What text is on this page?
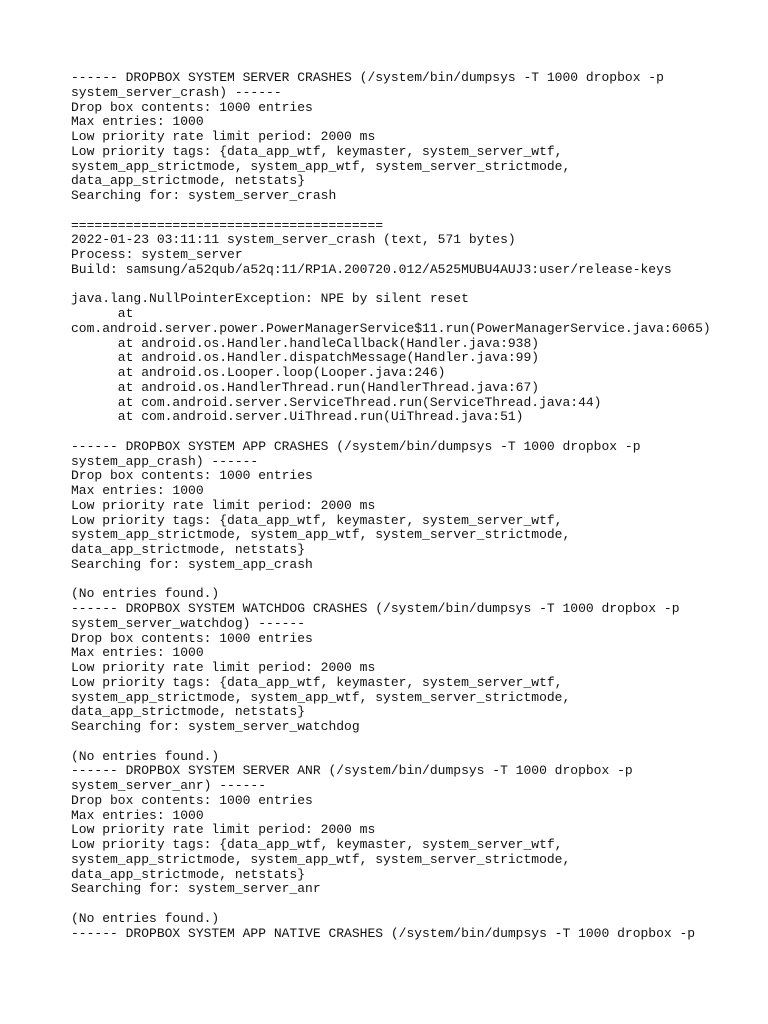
------ DROPBOX SYSTEM SERVER CRASHES (/system/bin/dumpsys -T 1000 dropbox -p
system_server_crash) ------
Drop box contents: 1000 entries
Max entries: 1000
Low priority rate limit period: 2000 ms
Low priority tags: {data_app_wtf, keymaster, system_server_wtf,
system_app_strictmode, system_app_wtf, system_server_strictmode,
data_app_strictmode, netstats}
Searching for: system_server_crash
========================================
2022-01-23 03:11:11 system_server_crash (text, 571 bytes)
Process: system_server
Build: samsung/a52qub/a52q:11/RP1A.200720.012/A525MUBU4AUJ3:user/release-keys
java.lang.NullPointerException: NPE by silent reset
at
com.android.server.power.PowerManagerService$11.run(PowerManagerService.java:6065)
at android.os.Handler.handleCallback(Handler.java:938)
at android.os.Handler.dispatchMessage(Handler.java:99)
at android.os.Looper.loop(Looper.java:246)
at android.os.HandlerThread.run(HandlerThread.java:67)
at com.android.server.ServiceThread.run(ServiceThread.java:44)
at com.android.server.UiThread.run(UiThread.java:51)
------ DROPBOX SYSTEM APP CRASHES (/system/bin/dumpsys -T 1000 dropbox -p
system_app_crash) ------
Drop box contents: 1000 entries
Max entries: 1000
Low priority rate limit period: 2000 ms
Low priority tags: {data_app_wtf, keymaster, system_server_wtf,
system_app_strictmode, system_app_wtf, system_server_strictmode,
data_app_strictmode, netstats}
Searching for: system_app_crash
(No entries found.)
------ DROPBOX SYSTEM WATCHDOG CRASHES (/system/bin/dumpsys -T 1000 dropbox -p
system_server_watchdog) ------
Drop box contents: 1000 entries
Max entries: 1000
Low priority rate limit period: 2000 ms
Low priority tags: {data_app_wtf, keymaster, system_server_wtf,
system_app_strictmode, system_app_wtf, system_server_strictmode,
data_app_strictmode, netstats}
Searching for: system_server_watchdog
(No entries found.)
------ DROPBOX SYSTEM SERVER ANR (/system/bin/dumpsys -T 1000 dropbox -p
system_server_anr) ------
Drop box contents: 1000 entries
Max entries: 1000
Low priority rate limit period: 2000 ms
Low priority tags: {data_app_wtf, keymaster, system_server_wtf,
system_app_strictmode, system_app_wtf, system_server_strictmode,
data_app_strictmode, netstats}
Searching for: system_server_anr
(No entries found.)
------ DROPBOX SYSTEM APP NATIVE CRASHES (/system/bin/dumpsys -T 1000 dropbox -p
